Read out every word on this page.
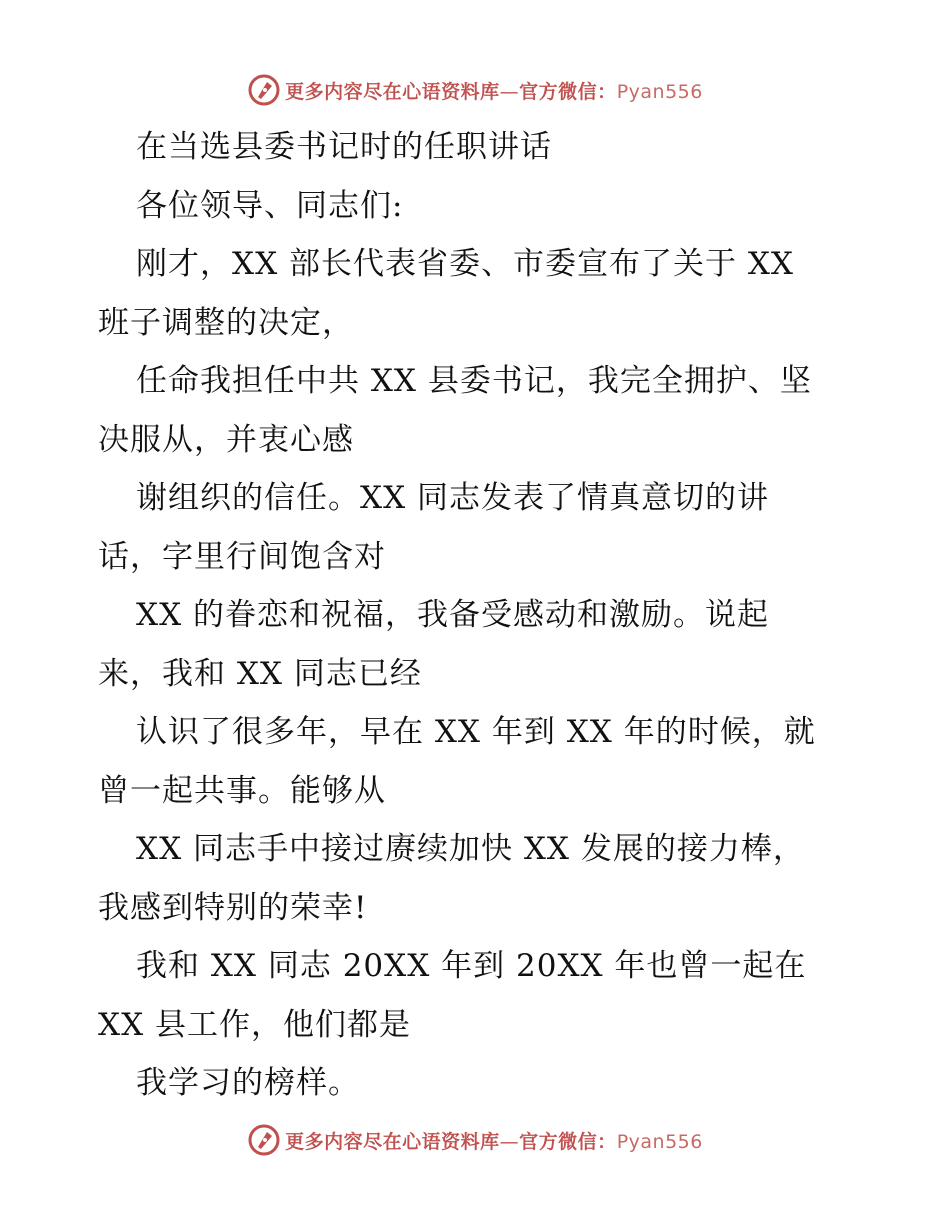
更多内容尽在心语资料库—官方微信：Pyan556
在当选县委书记时的任职讲话
各位领导、同志们:
刚才，XX 部长代表省委、市委宣布了关于 XX
班子调整的决定，
任命我担任中共 XX 县委书记，我完全拥护、坚
决服从，并衷心感
谢组织的信任。XX 同志发表了情真意切的讲
话，字里行间饱含对
XX 的眷恋和祝福，我备受感动和激励。说起
来，我和 XX 同志已经
认识了很多年，早在 XX 年到 XX 年的时候，就
曾一起共事。能够从
XX 同志手中接过赓续加快 XX 发展的接力棒，
我感到特别的荣幸!
我和 XX 同志 20XX 年到 20XX 年也曾一起在
XX 县工作，他们都是
我学习的榜样。
更多内容尽在心语资料库—官方微信：Pyan556
